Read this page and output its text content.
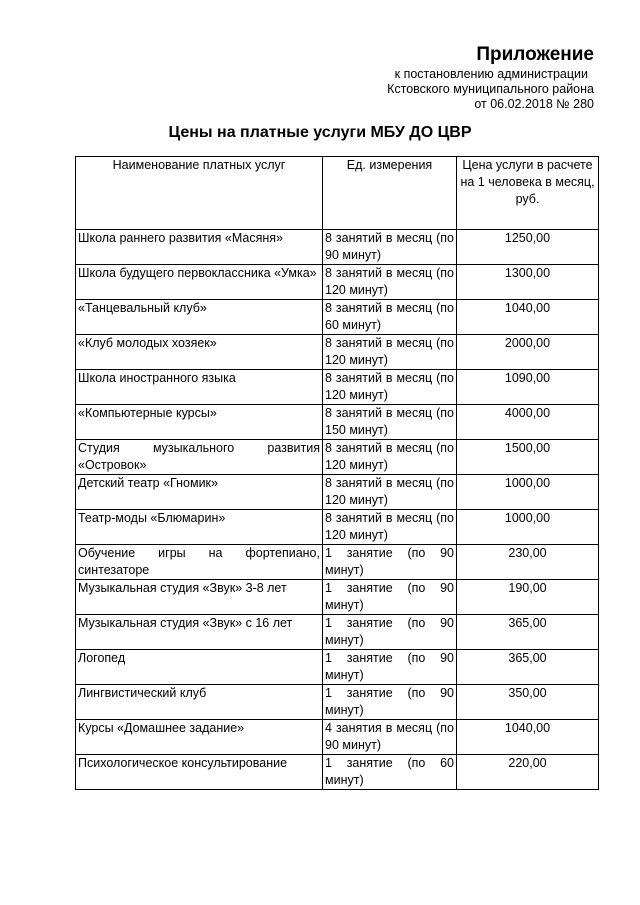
Приложение
к постановлению администрации
Кстовского муниципального района
от 06.02.2018 № 280
Цены на платные услуги МБУ ДО ЦВР
Наименование платных услуг	Ед. измерения	Цена услуги в расчете на 1 человека в месяц, руб.
Школа раннего развития «Масяня»	8 занятий в месяц (по 90 минут)	1250,00
Школа будущего первоклассника «Умка»	8 занятий в месяц (по 120 минут)	1300,00
«Танцевальный клуб»	8 занятий в месяц (по 60 минут)	1040,00
«Клуб молодых хозяек»	8 занятий в месяц (по 120 минут)	2000,00
Школа иностранного языка	8 занятий в месяц (по 120 минут)	1090,00
«Компьютерные курсы»	8 занятий в месяц (по 150 минут)	4000,00
Студия музыкального развития «Островок»	8 занятий в месяц (по 120 минут)	1500,00
Детский театр «Гномик»	8 занятий в месяц (по 120 минут)	1000,00
Театр-моды «Блюмарин»	8 занятий в месяц (по 120 минут)	1000,00
Обучение игры на фортепиано, синтезаторе	1 занятие (по 90 минут)	230,00
Музыкальная студия «Звук» 3-8 лет	1 занятие (по 90 минут)	190,00
Музыкальная студия «Звук» с 16 лет	1 занятие (по 90 минут)	365,00
Логопед	1 занятие (по 90 минут)	365,00
Лингвистический клуб	1 занятие (по 90 минут)	350,00
Курсы «Домашнее задание»	4 занятия в месяц (по 90 минут)	1040,00
Психологическое консультирование	1 занятие (по 60 минут)	220,00
